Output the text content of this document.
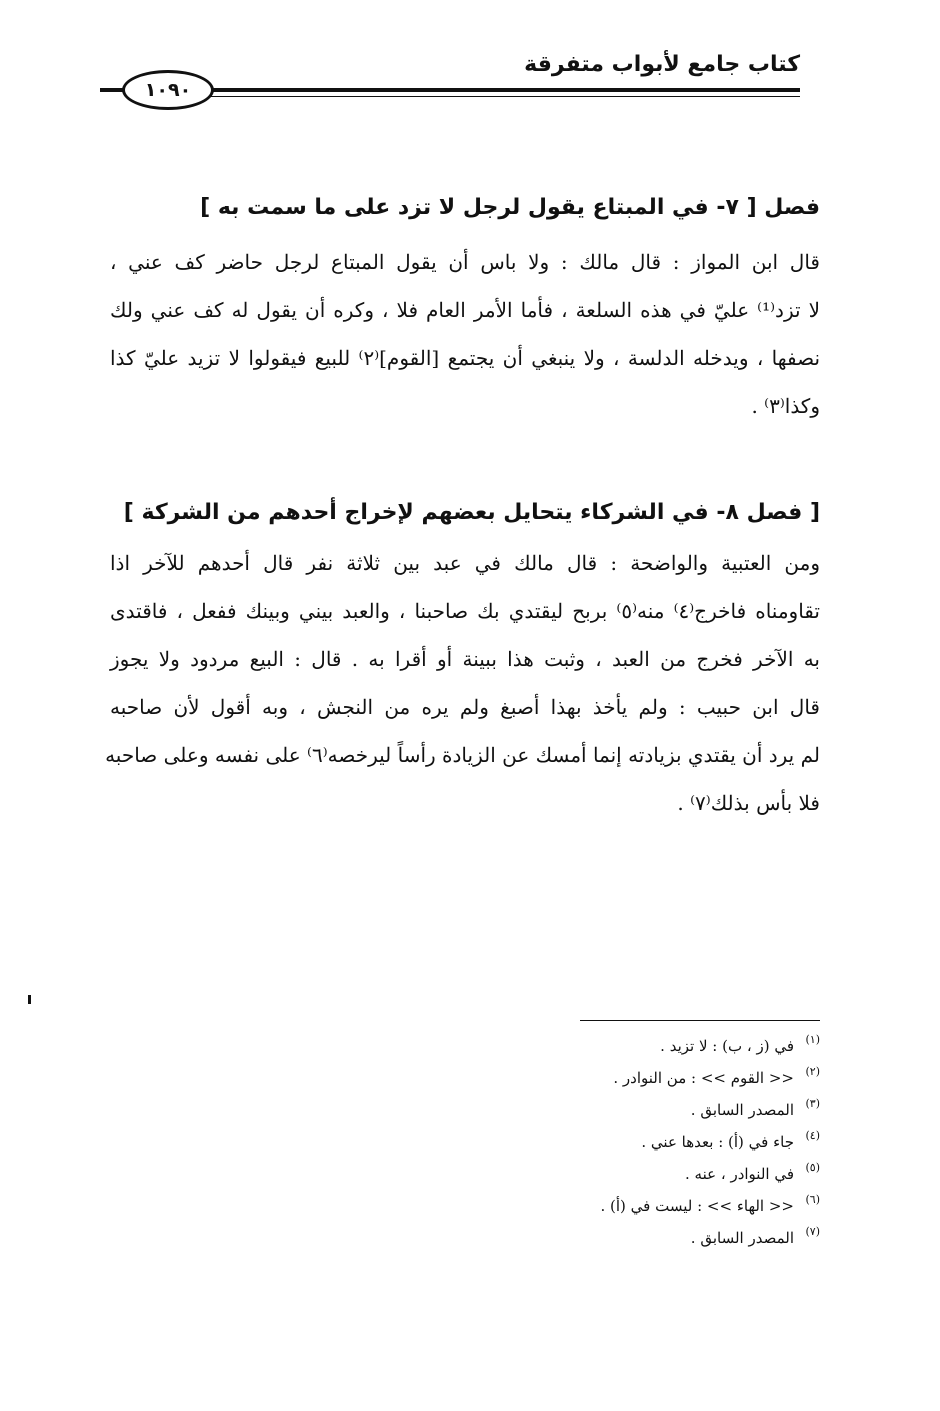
كتاب جامع لأبواب متفرقة
١٠٩٠

فصل [ ٧- في المبتاع يقول لرجل لا تزد على ما سمت به ]

قال ابن المواز : قال مالك : ولا باس أن يقول المبتاع لرجل حاضر كف عني ،
لا تزد⁽¹⁾ عليّ في هذه السلعة ، فأما الأمر العام فلا ، وكره أن يقول له كف عني ولك
نصفها ، ويدخله الدلسة ، ولا ينبغي أن يجتمع [القوم]⁽٢⁾ للبيع فيقولوا لا تزيد عليّ كذا
وكذا⁽٣⁾ .

[ فصل ٨- في الشركاء يتحايل بعضهم لإخراج أحدهم من الشركة ]

ومن العتبية والواضحة : قال مالك في عبد بين ثلاثة نفر قال أحدهم للآخر اذا
تقاومناه فاخرج⁽٤⁾ منه⁽٥⁾ بربح ليقتدي بك صاحبنا ، والعبد بيني وبينك ففعل ، فاقتدى
به الآخر فخرج من العبد ، وثبت هذا ببينة أو أقرا به . قال : البيع مردود ولا يجوز
قال ابن حبيب : ولم يأخذ بهذا أصبغ ولم يره من النجش ، وبه أقول لأن صاحبه
لم يرد أن يقتدي بزيادته إنما أمسك عن الزيادة رأساً ليرخصه⁽٦⁾ على نفسه وعلى صاحبه
فلا بأس بذلك⁽٧⁾ .
(١)في (ز ، ب) : لا تزيد .
(٢)<< القوم >> : من النوادر .
(٣)المصدر السابق .
(٤)جاء في (أ) : بعدها عني .
(٥)في النوادر ، عنه .
(٦)<< الهاء >> : ليست في (أ) .
(٧)المصدر السابق .
